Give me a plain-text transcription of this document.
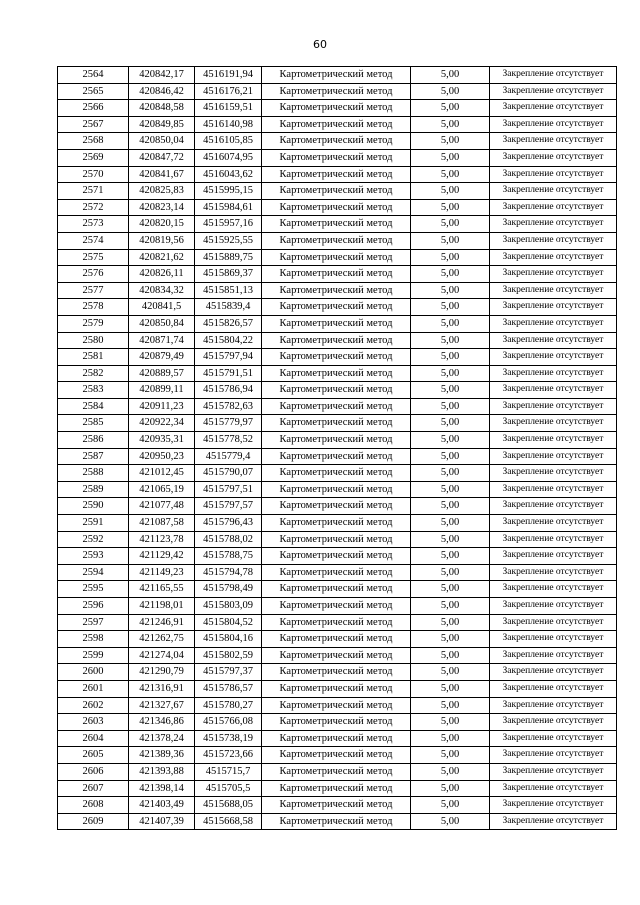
60
2564	420842,17	4516191,94	Картометрический метод	5,00	Закрепление отсутствует
2565	420846,42	4516176,21	Картометрический метод	5,00	Закрепление отсутствует
2566	420848,58	4516159,51	Картометрический метод	5,00	Закрепление отсутствует
2567	420849,85	4516140,98	Картометрический метод	5,00	Закрепление отсутствует
2568	420850,04	4516105,85	Картометрический метод	5,00	Закрепление отсутствует
2569	420847,72	4516074,95	Картометрический метод	5,00	Закрепление отсутствует
2570	420841,67	4516043,62	Картометрический метод	5,00	Закрепление отсутствует
2571	420825,83	4515995,15	Картометрический метод	5,00	Закрепление отсутствует
2572	420823,14	4515984,61	Картометрический метод	5,00	Закрепление отсутствует
2573	420820,15	4515957,16	Картометрический метод	5,00	Закрепление отсутствует
2574	420819,56	4515925,55	Картометрический метод	5,00	Закрепление отсутствует
2575	420821,62	4515889,75	Картометрический метод	5,00	Закрепление отсутствует
2576	420826,11	4515869,37	Картометрический метод	5,00	Закрепление отсутствует
2577	420834,32	4515851,13	Картометрический метод	5,00	Закрепление отсутствует
2578	420841,5	4515839,4	Картометрический метод	5,00	Закрепление отсутствует
2579	420850,84	4515826,57	Картометрический метод	5,00	Закрепление отсутствует
2580	420871,74	4515804,22	Картометрический метод	5,00	Закрепление отсутствует
2581	420879,49	4515797,94	Картометрический метод	5,00	Закрепление отсутствует
2582	420889,57	4515791,51	Картометрический метод	5,00	Закрепление отсутствует
2583	420899,11	4515786,94	Картометрический метод	5,00	Закрепление отсутствует
2584	420911,23	4515782,63	Картометрический метод	5,00	Закрепление отсутствует
2585	420922,34	4515779,97	Картометрический метод	5,00	Закрепление отсутствует
2586	420935,31	4515778,52	Картометрический метод	5,00	Закрепление отсутствует
2587	420950,23	4515779,4	Картометрический метод	5,00	Закрепление отсутствует
2588	421012,45	4515790,07	Картометрический метод	5,00	Закрепление отсутствует
2589	421065,19	4515797,51	Картометрический метод	5,00	Закрепление отсутствует
2590	421077,48	4515797,57	Картометрический метод	5,00	Закрепление отсутствует
2591	421087,58	4515796,43	Картометрический метод	5,00	Закрепление отсутствует
2592	421123,78	4515788,02	Картометрический метод	5,00	Закрепление отсутствует
2593	421129,42	4515788,75	Картометрический метод	5,00	Закрепление отсутствует
2594	421149,23	4515794,78	Картометрический метод	5,00	Закрепление отсутствует
2595	421165,55	4515798,49	Картометрический метод	5,00	Закрепление отсутствует
2596	421198,01	4515803,09	Картометрический метод	5,00	Закрепление отсутствует
2597	421246,91	4515804,52	Картометрический метод	5,00	Закрепление отсутствует
2598	421262,75	4515804,16	Картометрический метод	5,00	Закрепление отсутствует
2599	421274,04	4515802,59	Картометрический метод	5,00	Закрепление отсутствует
2600	421290,79	4515797,37	Картометрический метод	5,00	Закрепление отсутствует
2601	421316,91	4515786,57	Картометрический метод	5,00	Закрепление отсутствует
2602	421327,67	4515780,27	Картометрический метод	5,00	Закрепление отсутствует
2603	421346,86	4515766,08	Картометрический метод	5,00	Закрепление отсутствует
2604	421378,24	4515738,19	Картометрический метод	5,00	Закрепление отсутствует
2605	421389,36	4515723,66	Картометрический метод	5,00	Закрепление отсутствует
2606	421393,88	4515715,7	Картометрический метод	5,00	Закрепление отсутствует
2607	421398,14	4515705,5	Картометрический метод	5,00	Закрепление отсутствует
2608	421403,49	4515688,05	Картометрический метод	5,00	Закрепление отсутствует
2609	421407,39	4515668,58	Картометрический метод	5,00	Закрепление отсутствует
